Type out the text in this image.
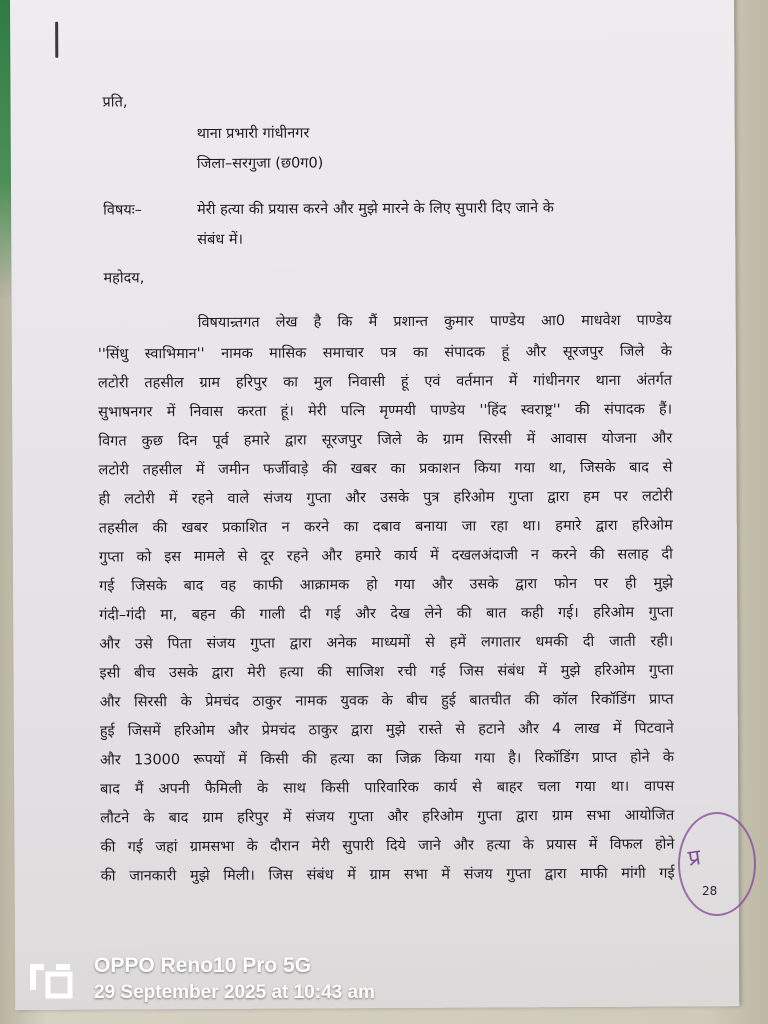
प्रति,
थाना प्रभारी गांधीनगर
जिला–सरगुजा (छ0ग0)
विषयः–	मेरी हत्या की प्रयास करने और मुझे मारने के लिए सुपारी दिए जाने के
संबंध में।
महोदय,
विषयान्र्तगत लेख है कि मैं प्रशान्त कुमार पाण्डेय आ0 माधवेश पाण्डेय
''सिंधु स्वाभिमान'' नामक मासिक समाचार पत्र का संपादक हूं और सूरजपुर जिले के
लटोरी तहसील ग्राम हरिपुर का मुल निवासी हूं एवं वर्तमान में गांधीनगर थाना अंतर्गत
सुभाषनगर में निवास करता हूं। मेरी पत्नि मृण्मयी पाण्डेय ''हिंद स्वराष्ट्र'' की संपादक हैं।
विगत कुछ दिन पूर्व हमारे द्वारा सूरजपुर जिले के ग्राम सिरसी में आवास योजना और
लटोरी तहसील में जमीन फर्जीवाड़े की खबर का प्रकाशन किया गया था, जिसके बाद से
ही लटोरी में रहने वाले संजय गुप्ता और उसके पुत्र हरिओम गुप्ता द्वारा हम पर लटोरी
तहसील की खबर प्रकाशित न करने का दबाव बनाया जा रहा था। हमारे द्वारा हरिओम
गुप्ता को इस मामले से दूर रहने और हमारे कार्य में दखलअंदाजी न करने की सलाह दी
गई जिसके बाद वह काफी आक्रामक हो गया और उसके द्वारा फोन पर ही मुझे
गंदी–गंदी मा, बहन की गाली दी गई और देख लेने की बात कही गई। हरिओम गुप्ता
और उसे पिता संजय गुप्ता द्वारा अनेक माध्यमों से हमें लगातार धमकी दी जाती रही।
इसी बीच उसके द्वारा मेरी हत्या की साजिश रची गई जिस संबंध में मुझे हरिओम गुप्ता
और सिरसी के प्रेमचंद ठाकुर नामक युवक के बीच हुई बातचीत की कॉल रिकॉडिंग प्राप्त
हुई जिसमें हरिओम और प्रेमचंद ठाकुर द्वारा मुझे रास्ते से हटाने और 4 लाख में पिटवाने
और 13000 रूपयों में किसी की हत्या का जिक्र किया गया है। रिकॉडिंग प्राप्त होने के
बाद मैं अपनी फैमिली के साथ किसी पारिवारिक कार्य से बाहर चला गया था। वापस
लौटने के बाद ग्राम हरिपुर में संजय गुप्ता और हरिओम गुप्ता द्वारा ग्राम सभा आयोजित
की गई जहां ग्रामसभा के दौरान मेरी सुपारी दिये जाने और हत्या के प्रयास में विफल होने
की जानकारी मुझे मिली। जिस संबंध में ग्राम सभा में संजय गुप्ता द्वारा माफी मांगी गई
प्र
28
OPPO Reno10 Pro 5G
29 September 2025 at 10:43 am
